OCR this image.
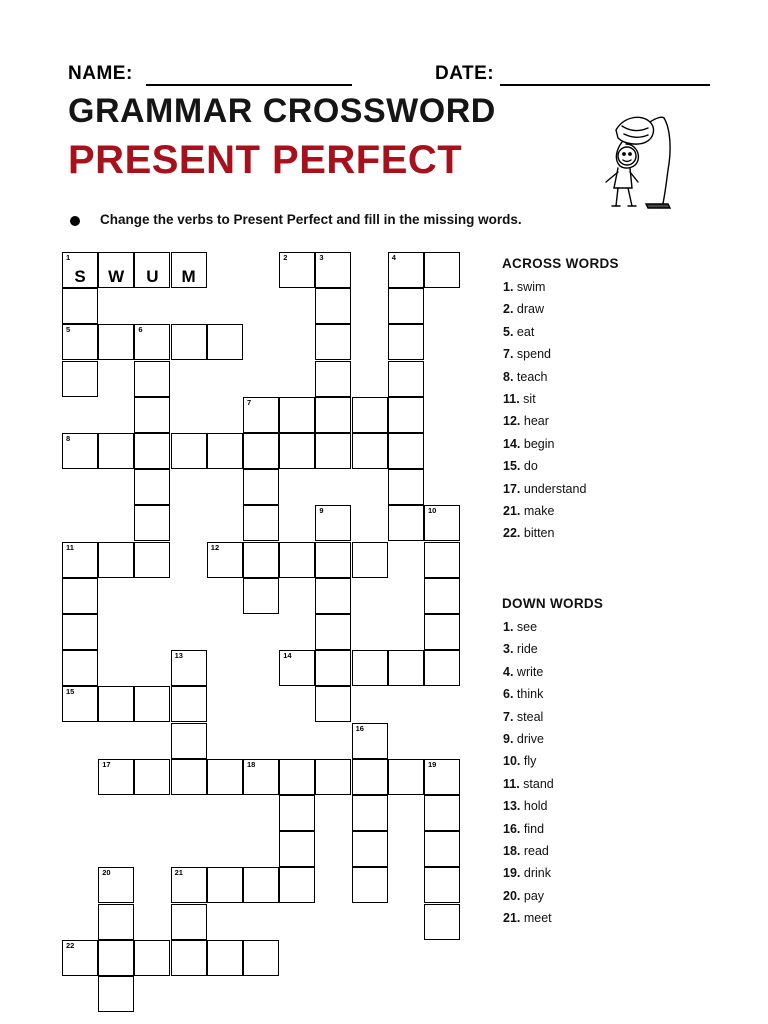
NAME:	DATE:
GRAMMAR CROSSWORD
PRESENT PERFECT
Change the verbs to Present Perfect and fill in the missing words.
1
S	W	U	M
2	3	4
5	6
7
8
9	10
11	12
13	14
15
16
17	18	19
20	21
22
ACROSS WORDS
1. swim
2. draw
5. eat
7. spend
8. teach
11. sit
12. hear
14. begin
15. do
17. understand
21. make
22. bitten
DOWN WORDS
1. see
3. ride
4. write
6. think
7. steal
9. drive
10. fly
11. stand
13. hold
16. find
18. read
19. drink
20. pay
21. meet
